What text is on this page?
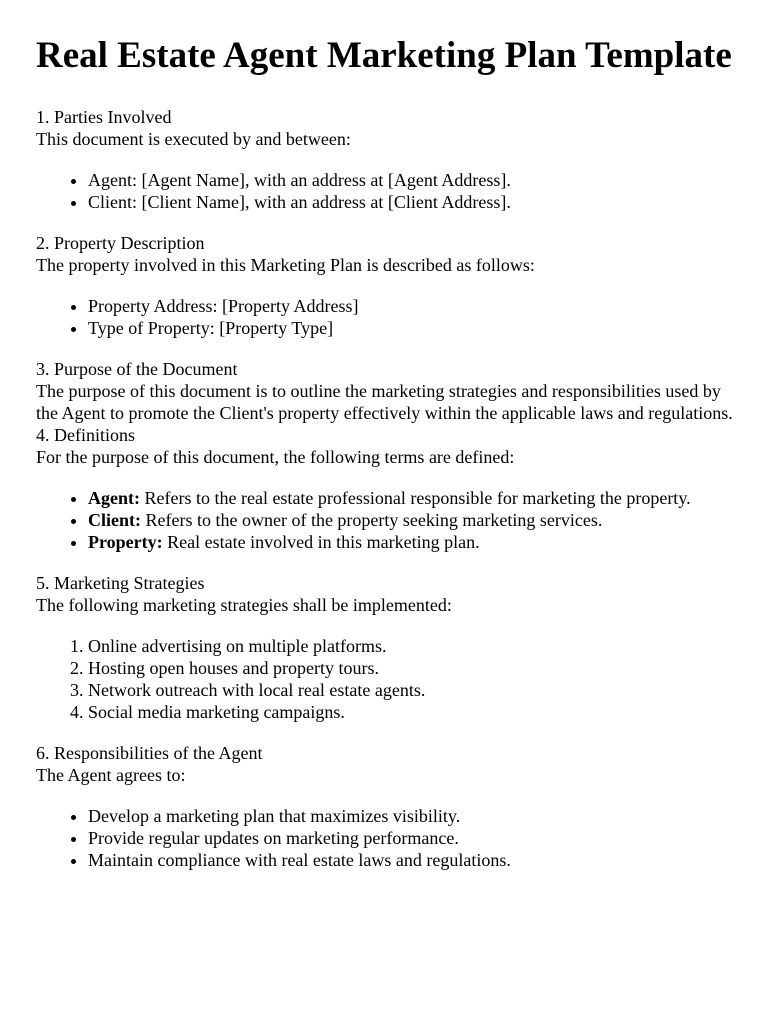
Real Estate Agent Marketing Plan Template
1. Parties Involved
This document is executed by and between:
• Agent: [Agent Name], with an address at [Agent Address].
• Client: [Client Name], with an address at [Client Address].
2. Property Description
The property involved in this Marketing Plan is described as follows:
• Property Address: [Property Address]
• Type of Property: [Property Type]
3. Purpose of the Document
The purpose of this document is to outline the marketing strategies and responsibilities used by the Agent to promote the Client's property effectively within the applicable laws and regulations.
4. Definitions
For the purpose of this document, the following terms are defined:
• Agent: Refers to the real estate professional responsible for marketing the property.
• Client: Refers to the owner of the property seeking marketing services.
• Property: Real estate involved in this marketing plan.
5. Marketing Strategies
The following marketing strategies shall be implemented:
1. Online advertising on multiple platforms.
2. Hosting open houses and property tours.
3. Network outreach with local real estate agents.
4. Social media marketing campaigns.
6. Responsibilities of the Agent
The Agent agrees to:
• Develop a marketing plan that maximizes visibility.
• Provide regular updates on marketing performance.
• Maintain compliance with real estate laws and regulations.
